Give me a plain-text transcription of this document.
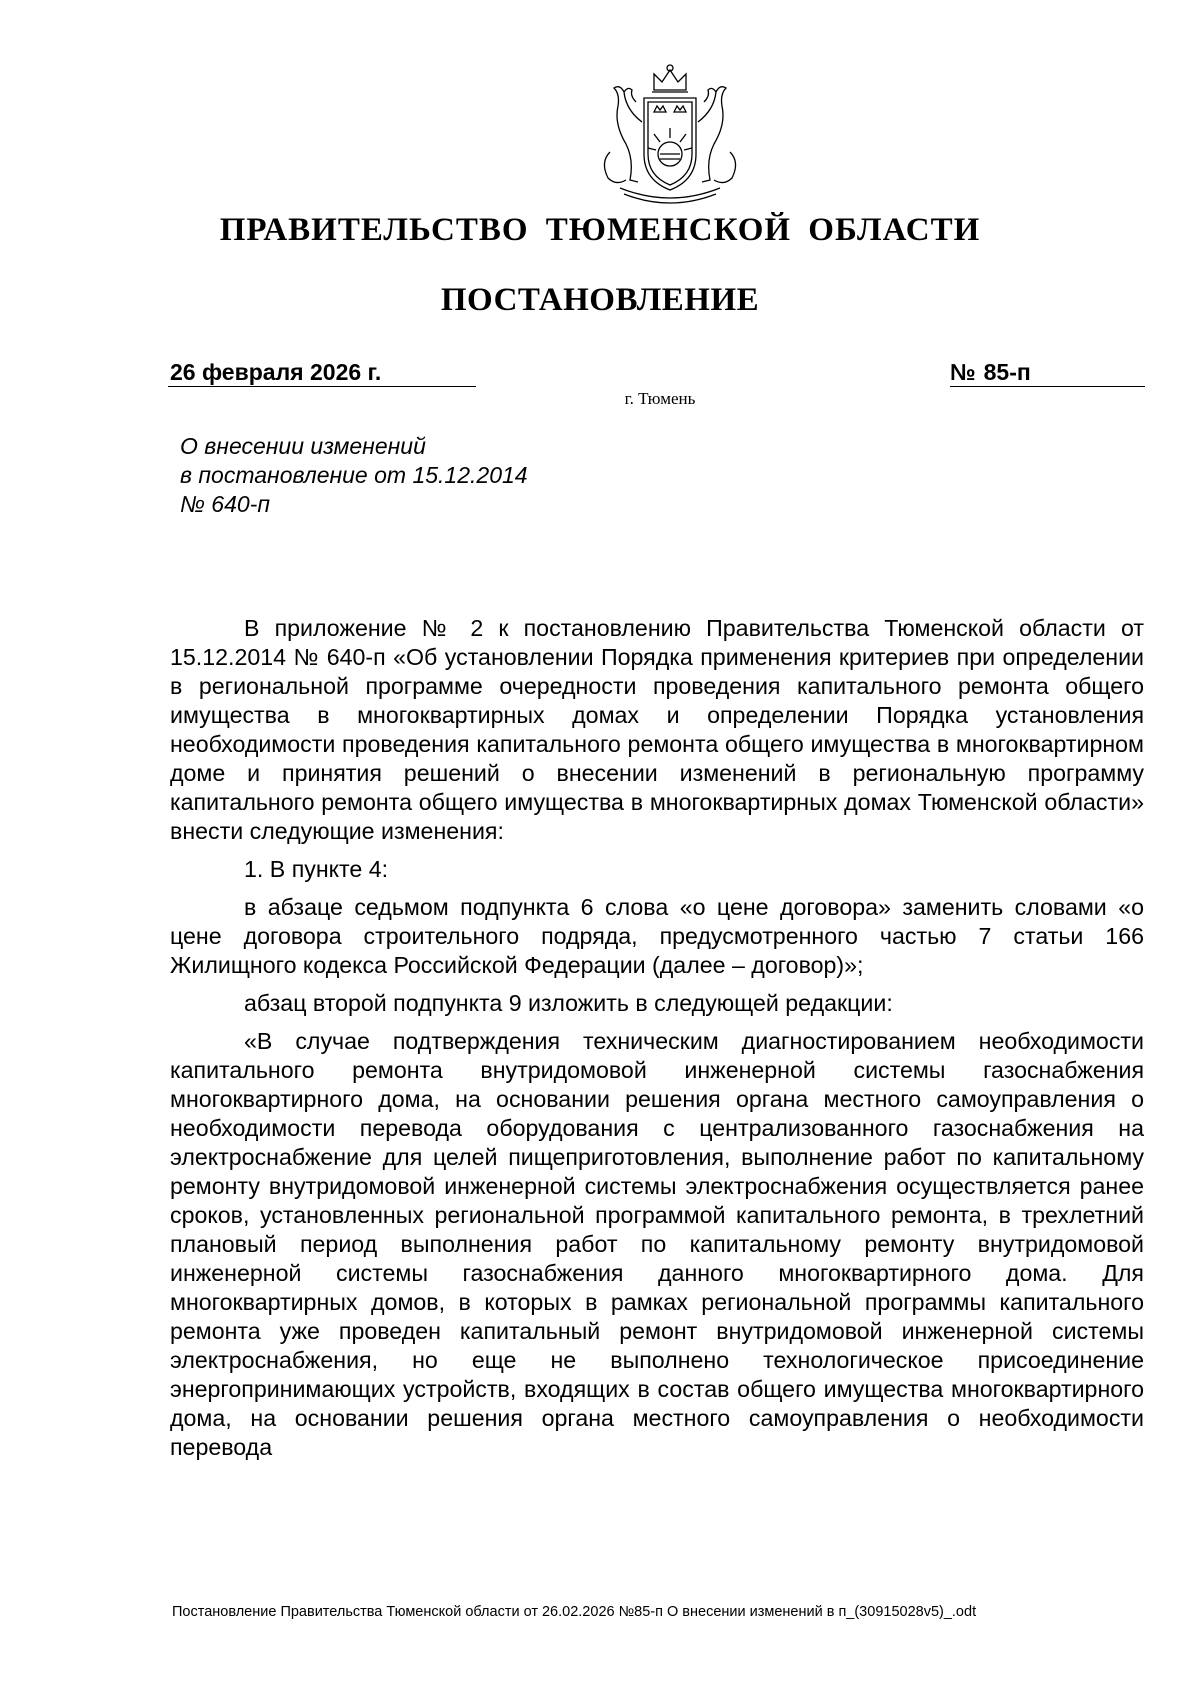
ПРАВИТЕЛЬСТВО ТЮМЕНСКОЙ ОБЛАСТИ
ПОСТАНОВЛЕНИЕ
26 февраля 2026 г.	№ 85-п
г. Тюмень
О внесении изменений
в постановление от 15.12.2014
№ 640-п

В приложение № 2 к постановлению Правительства Тюменской области от 15.12.2014 № 640-п «Об установлении Порядка применения критериев при определении в региональной программе очередности проведения капитального ремонта общего имущества в многоквартирных домах и определении Порядка установления необходимости проведения капитального ремонта общего имущества в многоквартирном доме и принятия решений о внесении изменений в региональную программу капитального ремонта общего имущества в многоквартирных домах Тюменской области» внести следующие изменения:

1. В пункте 4:

в абзаце седьмом подпункта 6 слова «о цене договора» заменить словами «о цене договора строительного подряда, предусмотренного частью 7 статьи 166 Жилищного кодекса Российской Федерации (далее – договор)»;

абзац второй подпункта 9 изложить в следующей редакции:

«В случае подтверждения техническим диагностированием необходимости капитального ремонта внутридомовой инженерной системы газоснабжения многоквартирного дома, на основании решения органа местного самоуправления о необходимости перевода оборудования с централизованного газоснабжения на электроснабжение для целей пищеприготовления, выполнение работ по капитальному ремонту внутридомовой инженерной системы электроснабжения осуществляется ранее сроков, установленных региональной программой капитального ремонта, в трехлетний плановый период выполнения работ по капитальному ремонту внутридомовой инженерной системы газоснабжения данного многоквартирного дома. Для многоквартирных домов, в которых в рамках региональной программы капитального ремонта уже проведен капитальный ремонт внутридомовой инженерной системы электроснабжения, но еще не выполнено технологическое присоединение энергопринимающих устройств, входящих в состав общего имущества многоквартирного дома, на основании решения органа местного самоуправления о необходимости перевода

Постановление Правительства Тюменской области от 26.02.2026 №85-п О внесении изменений в п_(30915028v5)_.odt
